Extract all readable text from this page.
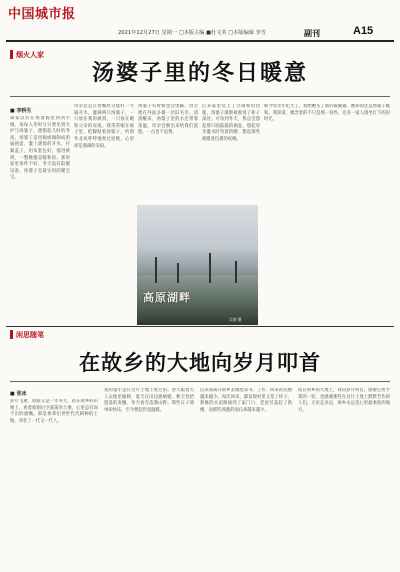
中国城市报
2021年12月27日 星期一 □本版主编 ■杜文英 □本版编辑 李雪	副刊	A15
烟火人家
汤婆子里的冬日暖意
■ 李桥生
离家以后在寒暑假里回到小城，每每入冬时分只要见到火炉与汤婆子，便想起儿时的冬夜。汤婆子是用铜或锡制成的扁圆壶，灌上滚烫的开水，拧紧盖子，用布套包好，塞进被窝，一整晚都是暖和的。那时家里条件不好，冬天没有取暖设备，汤婆子是最实用的暖宝宝。
母亲总是在傍晚时分烧好一大锅开水，灌满两只汤婆子，一只放在我的被窝，一只放在她和父亲的床尾。我常常缩在被子里，把脚贴着汤婆子，听窗外北风呼呼地吹过屋檐，心里却是满满的安稳。
汤婆子有时候也会烫脚，母亲便在外面多裹一层旧毛巾。清晨醒来，汤婆子里的水还带着余温，母亲会倒出来给我们洗脸，一点也不浪费。
后来家里装上了空调和电热毯，汤婆子渐渐被收进了柜子深处。可每到冬天，我总会想起那只圆鼓鼓的铜壶，想起母亲灌水时弯着的腰，想起那些被暖意包裹的夜晚。
如今母亲年纪大了，我给她买了新的取暖器，她却说还是汤婆子暖和。我知道，她念着的不只是那一份热，还有一家人围坐灯下的旧时光。
高原湖畔
吴波 摄
闲思随笔
在故乡的大地向岁月叩首
■ 张冰
岁月飞逝，转眼又是一年冬天，站在故乡的田埂上，看着收割后空荡荡的土地，心里总有说不出的感慨。那是祖辈们世世代代耕种的土地，养育了一代又一代人。
我的童年是在这片土地上度过的。春天跟着大人去地里插秧，夏天在田边捉蜻蜓，秋天捡拾遗落的麦穗，冬天看雪落满山野。那些日子简单却快乐，至今想起仍觉温暖。
后来我离开故乡去城里读书、工作，回来的次数越来越少。每次回来，都发现村里又变了样子，新修的水泥路通到了家门口，老屋旁盖起了新楼，而那些熟悉的面孔却越来越少。
站在故乡的大地上，我向岁月叩首，感谢它给予我的一切，也感谢那些在这片土地上默默劳作的人们。无论走多远，故乡永远是心里最柔软的地方。
